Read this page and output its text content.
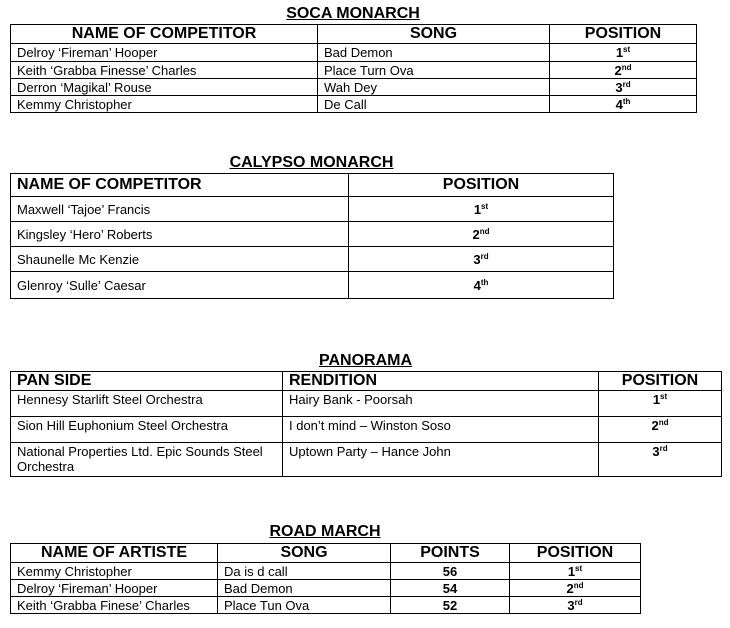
SOCA MONARCH
NAME OF COMPETITOR	SONG	POSITION
Delroy ‘Fireman’ Hooper	Bad Demon	1st
Keith ‘Grabba Finesse’ Charles	Place Turn Ova	2nd
Derron ‘Magikal’ Rouse	Wah Dey	3rd
Kemmy Christopher	De Call	4th
CALYPSO MONARCH
NAME OF COMPETITOR	POSITION
Maxwell ‘Tajoe’ Francis	1st
Kingsley ‘Hero’ Roberts	2nd
Shaunelle Mc Kenzie	3rd
Glenroy ‘Sulle’ Caesar	4th
PANORAMA
PAN SIDE	RENDITION	POSITION
Hennesy Starlift Steel Orchestra	Hairy Bank - Poorsah	1st
Sion Hill Euphonium Steel Orchestra	I don’t mind – Winston Soso	2nd
National Properties Ltd. Epic Sounds Steel Orchestra	Uptown Party – Hance John	3rd
ROAD MARCH
NAME OF ARTISTE	SONG	POINTS	POSITION
Kemmy Christopher	Da is d call	56	1st
Delroy ‘Fireman’ Hooper	Bad Demon	54	2nd
Keith ‘Grabba Finese’ Charles	Place Tun Ova	52	3rd
